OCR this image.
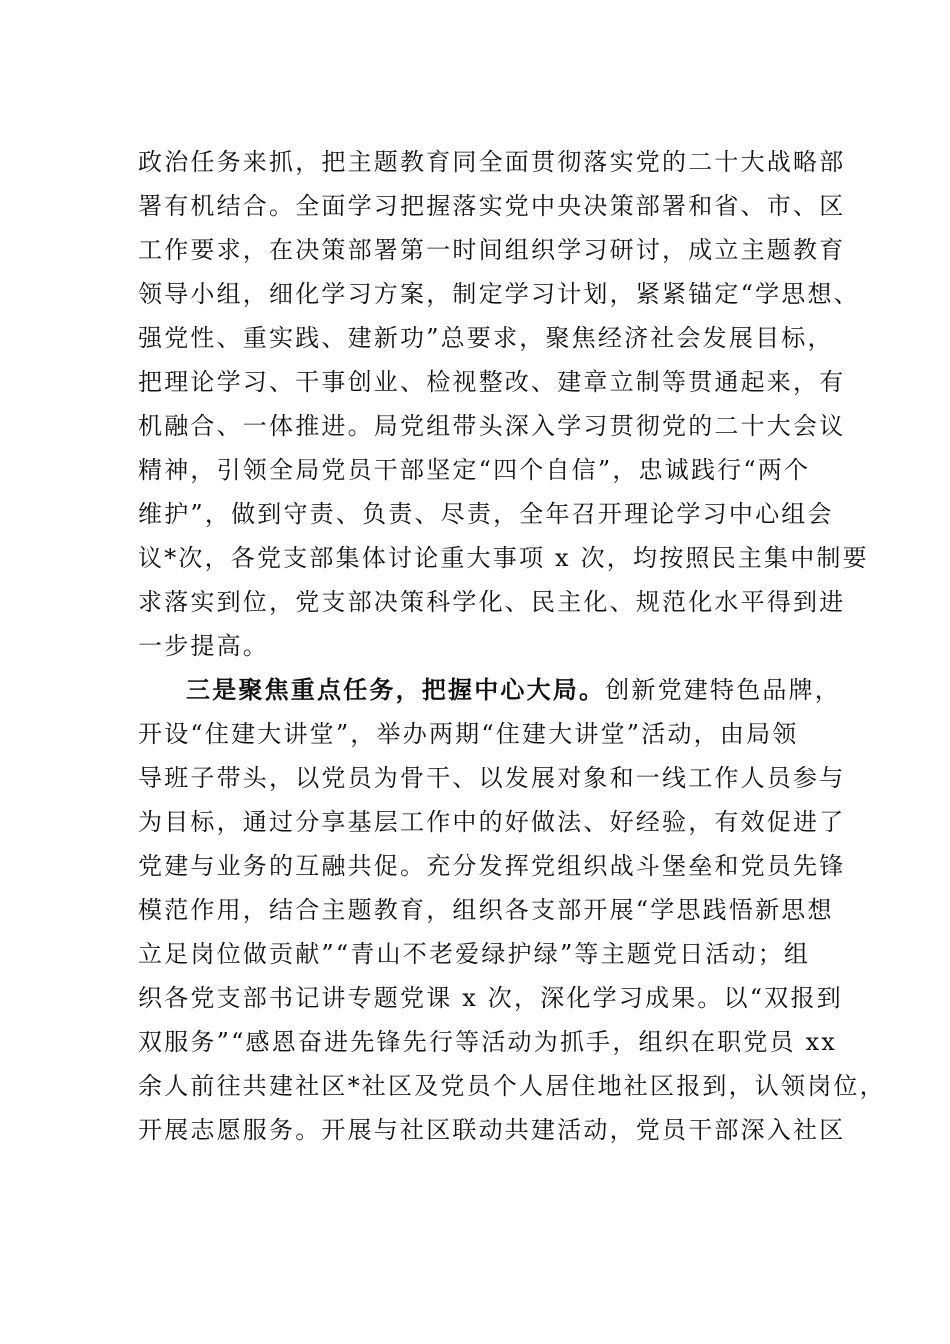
政治任务来抓，把主题教育同全面贯彻落实党的二十大战略部
署有机结合。全面学习把握落实党中央决策部署和省、市、区
工作要求，在决策部署第一时间组织学习研讨，成立主题教育
领导小组，细化学习方案，制定学习计划，紧紧锚定“学思想、
强党性、重实践、建新功”总要求，聚焦经济社会发展目标，
把理论学习、干事创业、检视整改、建章立制等贯通起来，有
机融合、一体推进。局党组带头深入学习贯彻党的二十大会议
精神，引领全局党员干部坚定“四个自信”，忠诚践行“两个
维护”，做到守责、负责、尽责，全年召开理论学习中心组会
议*次，各党支部集体讨论重大事项 x 次，均按照民主集中制要
求落实到位，党支部决策科学化、民主化、规范化水平得到进
一步提高。
三是聚焦重点任务，把握中心大局。创新党建特色品牌，
开设“住建大讲堂”，举办两期“住建大讲堂”活动，由局领
导班子带头，以党员为骨干、以发展对象和一线工作人员参与
为目标，通过分享基层工作中的好做法、好经验，有效促进了
党建与业务的互融共促。充分发挥党组织战斗堡垒和党员先锋
模范作用，结合主题教育，组织各支部开展“学思践悟新思想
立足岗位做贡献”“青山不老爱绿护绿”等主题党日活动；组
织各党支部书记讲专题党课 x 次，深化学习成果。以“双报到
双服务”“感恩奋进先锋先行等活动为抓手，组织在职党员 xx
余人前往共建社区*社区及党员个人居住地社区报到，认领岗位，
开展志愿服务。开展与社区联动共建活动，党员干部深入社区
